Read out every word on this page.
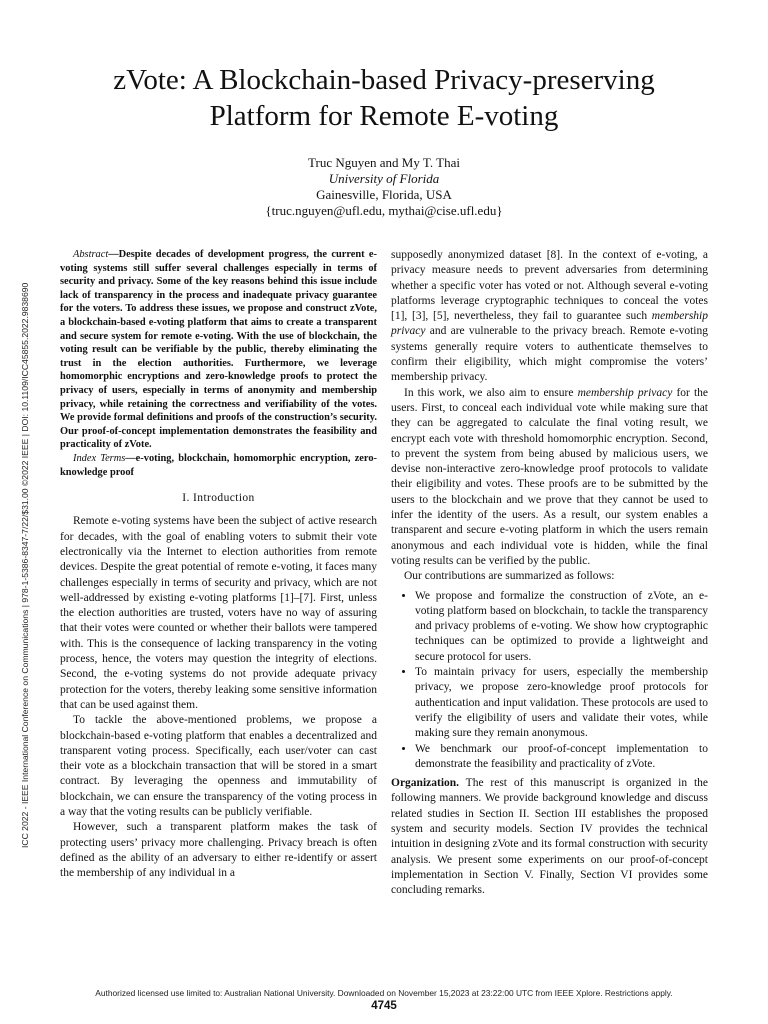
zVote: A Blockchain-based Privacy-preserving
Platform for Remote E-voting
Truc Nguyen and My T. Thai
University of Florida
Gainesville, Florida, USA
{truc.nguyen@ufl.edu, mythai@cise.ufl.edu}
ICC 2022 - IEEE International Conference on Communications | 978-1-5386-8347-7/22/$31.00 ©2022 IEEE | DOI: 10.1109/ICC45855.2022.9838690

Abstract—Despite decades of development progress, the current e-voting systems still suffer several challenges especially in terms of security and privacy. Some of the key reasons behind this issue include lack of transparency in the process and inadequate privacy guarantee for the voters. To address these issues, we propose and construct zVote, a blockchain-based e-voting platform that aims to create a transparent and secure system for remote e-voting. With the use of blockchain, the voting result can be verifiable by the public, thereby eliminating the trust in the election authorities. Furthermore, we leverage homomorphic encryptions and zero-knowledge proofs to protect the privacy of users, especially in terms of anonymity and membership privacy, while retaining the correctness and verifiability of the votes. We provide formal definitions and proofs of the construction’s security. Our proof-of-concept implementation demonstrates the feasibility and practicality of zVote.

Index Terms—e-voting, blockchain, homomorphic encryption, zero-knowledge proof

I. Introduction

Remote e-voting systems have been the subject of active research for decades, with the goal of enabling voters to submit their vote electronically via the Internet to election authorities from remote devices. Despite the great potential of remote e-voting, it faces many challenges especially in terms of security and privacy, which are not well-addressed by existing e-voting platforms [1]–[7]. First, unless the election authorities are trusted, voters have no way of assuring that their votes were counted or whether their ballots were tampered with. This is the consequence of lacking transparency in the voting process, hence, the voters may question the integrity of elections. Second, the e-voting systems do not provide adequate privacy protection for the voters, thereby leaking some sensitive information that can be used against them.

To tackle the above-mentioned problems, we propose a blockchain-based e-voting platform that enables a decentralized and transparent voting process. Specifically, each user/voter can cast their vote as a blockchain transaction that will be stored in a smart contract. By leveraging the openness and immutability of blockchain, we can ensure the transparency of the voting process in a way that the voting results can be publicly verifiable.

However, such a transparent platform makes the task of protecting users’ privacy more challenging. Privacy breach is often defined as the ability of an adversary to either re-identify or assert the membership of any individual in a

supposedly anonymized dataset [8]. In the context of e-voting, a privacy measure needs to prevent adversaries from determining whether a specific voter has voted or not. Although several e-voting platforms leverage cryptographic techniques to conceal the votes [1], [3], [5], nevertheless, they fail to guarantee such membership privacy and are vulnerable to the privacy breach. Remote e-voting systems generally require voters to authenticate themselves to confirm their eligibility, which might compromise the voters’ membership privacy.

In this work, we also aim to ensure membership privacy for the users. First, to conceal each individual vote while making sure that they can be aggregated to calculate the final voting result, we encrypt each vote with threshold homomorphic encryption. Second, to prevent the system from being abused by malicious users, we devise non-interactive zero-knowledge proof protocols to validate their eligibility and votes. These proofs are to be submitted by the users to the blockchain and we prove that they cannot be used to infer the identity of the users. As a result, our system enables a transparent and secure e-voting platform in which the users remain anonymous and each individual vote is hidden, while the final voting results can be verified by the public.

Our contributions are summarized as follows:

• We propose and formalize the construction of zVote, an e-voting platform based on blockchain, to tackle the transparency and privacy problems of e-voting. We show how cryptographic techniques can be optimized to provide a lightweight and secure protocol for users.
• To maintain privacy for users, especially the membership privacy, we propose zero-knowledge proof protocols for authentication and input validation. These protocols are used to verify the eligibility of users and validate their votes, while making sure they remain anonymous.
• We benchmark our proof-of-concept implementation to demonstrate the feasibility and practicality of zVote.

Organization. The rest of this manuscript is organized in the following manners. We provide background knowledge and discuss related studies in Section II. Section III establishes the proposed system and security models. Section IV provides the technical intuition in designing zVote and its formal construction with security analysis. We present some experiments on our proof-of-concept implementation in Section V. Finally, Section VI provides some concluding remarks.

Authorized licensed use limited to: Australian National University. Downloaded on November 15,2023 at 23:22:00 UTC from IEEE Xplore. Restrictions apply.
4745
